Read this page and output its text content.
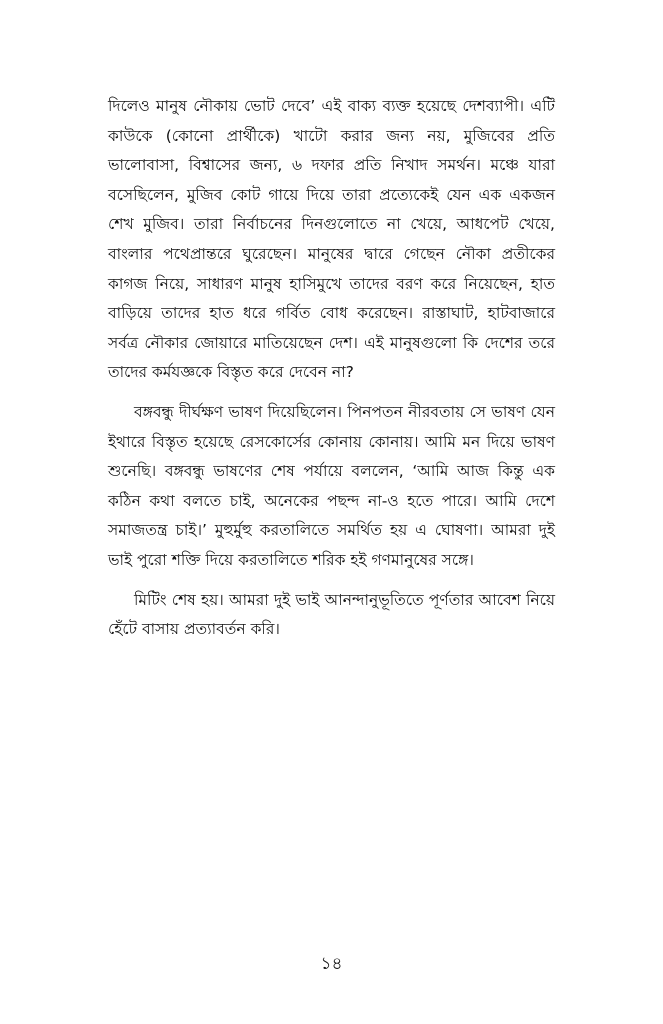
দিলেও মানুষ নৌকায় ভোট দেবে’ এই বাক্য ব্যক্ত হয়েছে দেশব্যাপী। এটি কাউকে (কোনো প্রার্থীকে) খাটো করার জন্য নয়, মুজিবের প্রতি ভালোবাসা, বিশ্বাসের জন্য, ৬ দফার প্রতি নিখাদ সমর্থন। মঞ্চে যারা বসেছিলেন, মুজিব কোট গায়ে দিয়ে তারা প্রত্যেকেই যেন এক একজন শেখ মুজিব। তারা নির্বাচনের দিনগুলোতে না খেয়ে, আধপেট খেয়ে, বাংলার পথেপ্রান্তরে ঘুরেছেন। মানুষের দ্বারে গেছেন নৌকা প্রতীকের কাগজ নিয়ে, সাধারণ মানুষ হাসিমুখে তাদের বরণ করে নিয়েছেন, হাত বাড়িয়ে তাদের হাত ধরে গর্বিত বোধ করেছেন। রাস্তাঘাট, হাটবাজারে সর্বত্র নৌকার জোয়ারে মাতিয়েছেন দেশ। এই মানুষগুলো কি দেশের তরে তাদের কর্মযজ্ঞকে বিস্তৃত করে দেবেন না?

বঙ্গবন্ধু দীর্ঘক্ষণ ভাষণ দিয়েছিলেন। পিনপতন নীরবতায় সে ভাষণ যেন ইথারে বিস্তৃত হয়েছে রেসকোর্সের কোনায় কোনায়। আমি মন দিয়ে ভাষণ শুনেছি। বঙ্গবন্ধু ভাষণের শেষ পর্যায়ে বললেন, ‘আমি আজ কিন্তু এক কঠিন কথা বলতে চাই, অনেকের পছন্দ না-ও হতে পারে। আমি দেশে সমাজতন্ত্র চাই।’ মুহুর্মুহু করতালিতে সমর্থিত হয় এ ঘোষণা। আমরা দুই ভাই পুরো শক্তি দিয়ে করতালিতে শরিক হই গণমানুষের সঙ্গে।

মিটিং শেষ হয়। আমরা দুই ভাই আনন্দানুভূতিতে পূর্ণতার আবেশ নিয়ে হেঁটে বাসায় প্রত্যাবর্তন করি।

১৪
